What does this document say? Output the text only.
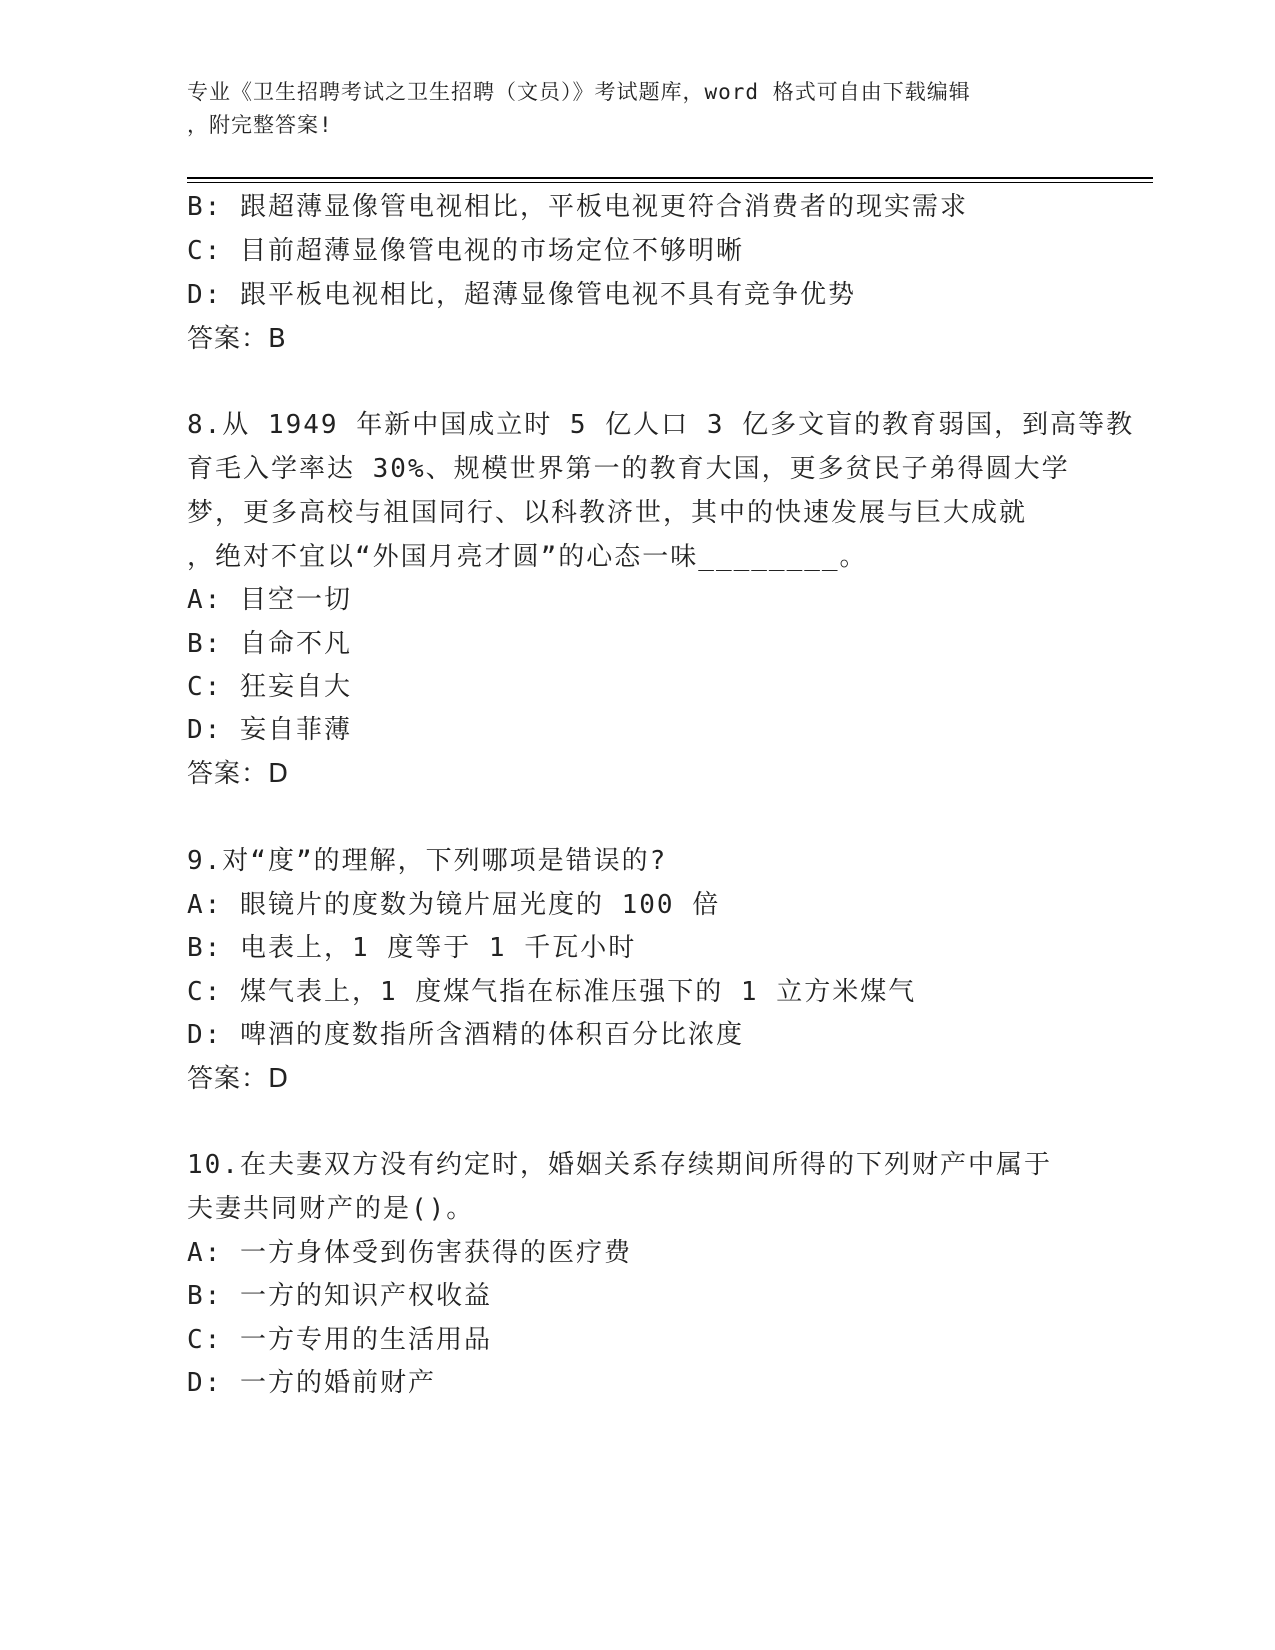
专业《卫生招聘考试之卫生招聘（文员）》考试题库，word 格式可自由下载编辑
，附完整答案!
B: 跟超薄显像管电视相比，平板电视更符合消费者的现实需求
C: 目前超薄显像管电视的市场定位不够明晰
D: 跟平板电视相比，超薄显像管电视不具有竞争优势
答案：B
8.从 1949 年新中国成立时 5 亿人口 3 亿多文盲的教育弱国，到高等教
育毛入学率达 30%、规模世界第一的教育大国，更多贫民子弟得圆大学
梦，更多高校与祖国同行、以科教济世，其中的快速发展与巨大成就
，绝对不宜以“外国月亮才圆”的心态一味________。
A: 目空一切
B: 自命不凡
C: 狂妄自大
D: 妄自菲薄
答案：D
9.对“度”的理解，下列哪项是错误的?
A: 眼镜片的度数为镜片屈光度的 100 倍
B: 电表上，1 度等于 1 千瓦小时
C: 煤气表上，1 度煤气指在标准压强下的 1 立方米煤气
D: 啤酒的度数指所含酒精的体积百分比浓度
答案：D
10.在夫妻双方没有约定时，婚姻关系存续期间所得的下列财产中属于
夫妻共同财产的是()。
A: 一方身体受到伤害获得的医疗费
B: 一方的知识产权收益
C: 一方专用的生活用品
D: 一方的婚前财产
